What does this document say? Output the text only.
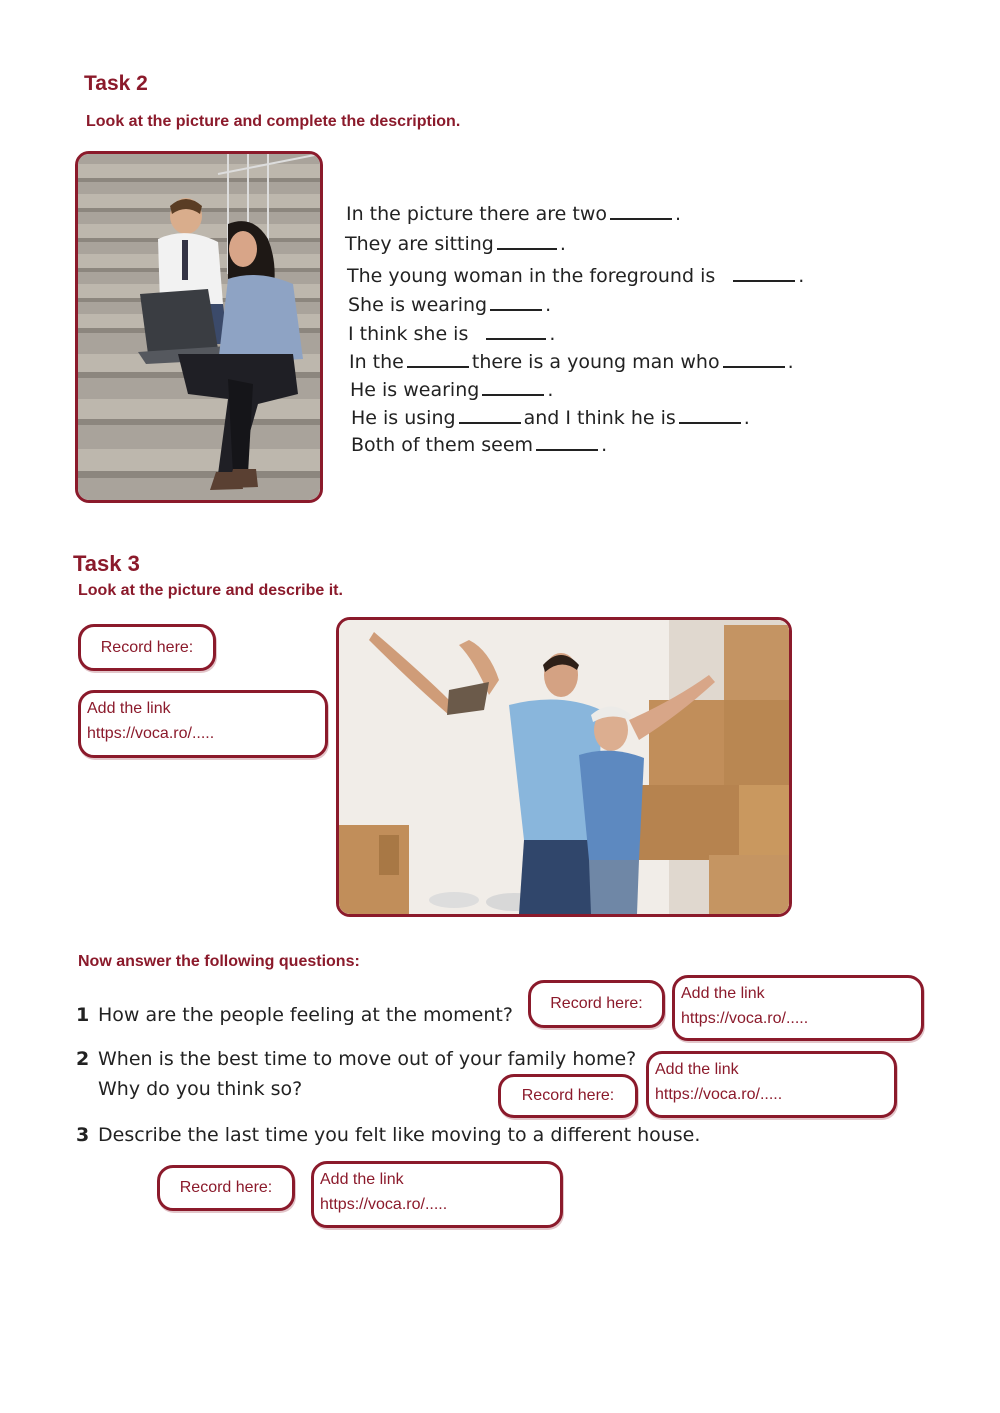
Task 2
Look at the picture and complete the description.
In the picture there are two	.
They are sitting	.
The young woman in the foreground is	.
She is wearing	.
I think she is	.
In the	there is a young man who	.
He is wearing	.
He is using	and I think he is	.
Both of them seem	.
Task 3
Look at the picture and describe it.
Record here:
Add the link
https://voca.ro/.....
Now answer the following questions:
1 How are the people feeling at the moment?
2 When is the best time to move out of your family home?
Why do you think so?
3 Describe the last time you felt like moving to a different house.
Record here:
Add the link
https://voca.ro/.....
Add the link
https://voca.ro/.....
Record here:
Record here:	Add the link
https://voca.ro/.....
